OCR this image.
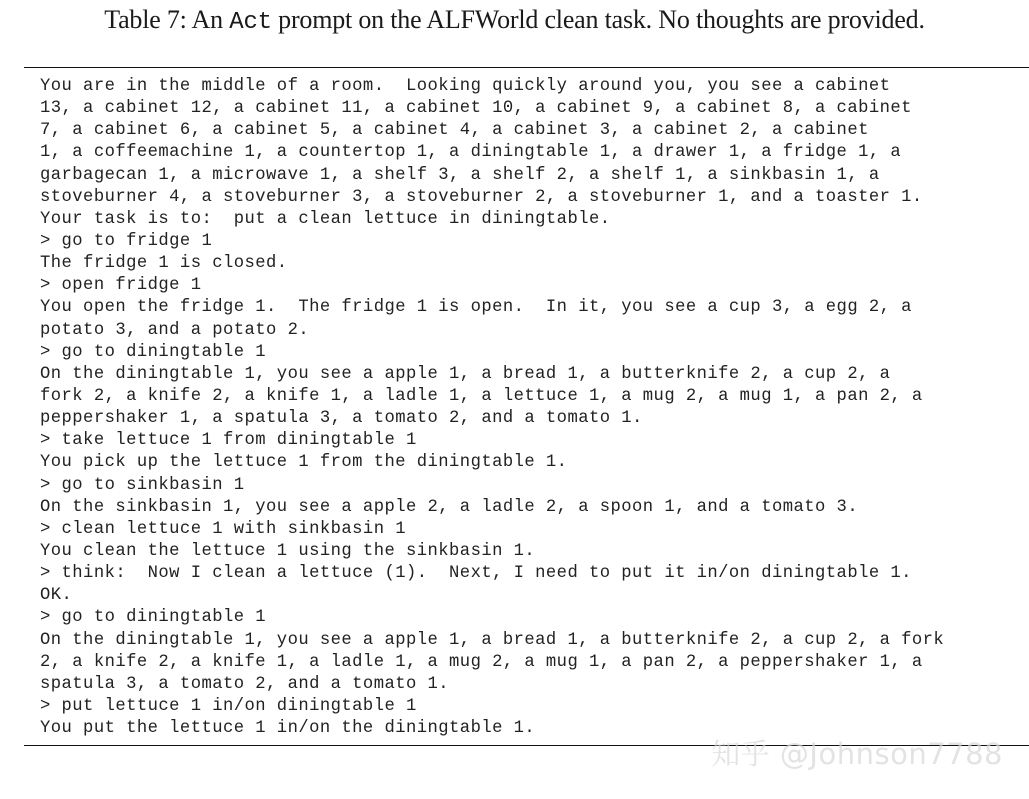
Table 7: An Act prompt on the ALFWorld clean task. No thoughts are provided.
You are in the middle of a room.  Looking quickly around you, you see a cabinet
13, a cabinet 12, a cabinet 11, a cabinet 10, a cabinet 9, a cabinet 8, a cabinet
7, a cabinet 6, a cabinet 5, a cabinet 4, a cabinet 3, a cabinet 2, a cabinet
1, a coffeemachine 1, a countertop 1, a diningtable 1, a drawer 1, a fridge 1, a
garbagecan 1, a microwave 1, a shelf 3, a shelf 2, a shelf 1, a sinkbasin 1, a
stoveburner 4, a stoveburner 3, a stoveburner 2, a stoveburner 1, and a toaster 1.
Your task is to:  put a clean lettuce in diningtable.
> go to fridge 1
The fridge 1 is closed.
> open fridge 1
You open the fridge 1.  The fridge 1 is open.  In it, you see a cup 3, a egg 2, a
potato 3, and a potato 2.
> go to diningtable 1
On the diningtable 1, you see a apple 1, a bread 1, a butterknife 2, a cup 2, a
fork 2, a knife 2, a knife 1, a ladle 1, a lettuce 1, a mug 2, a mug 1, a pan 2, a
peppershaker 1, a spatula 3, a tomato 2, and a tomato 1.
> take lettuce 1 from diningtable 1
You pick up the lettuce 1 from the diningtable 1.
> go to sinkbasin 1
On the sinkbasin 1, you see a apple 2, a ladle 2, a spoon 1, and a tomato 3.
> clean lettuce 1 with sinkbasin 1
You clean the lettuce 1 using the sinkbasin 1.
> think:  Now I clean a lettuce (1).  Next, I need to put it in/on diningtable 1.
OK.
> go to diningtable 1
On the diningtable 1, you see a apple 1, a bread 1, a butterknife 2, a cup 2, a fork
2, a knife 2, a knife 1, a ladle 1, a mug 2, a mug 1, a pan 2, a peppershaker 1, a
spatula 3, a tomato 2, and a tomato 1.
> put lettuce 1 in/on diningtable 1
You put the lettuce 1 in/on the diningtable 1.
知乎 @Johnson7788
